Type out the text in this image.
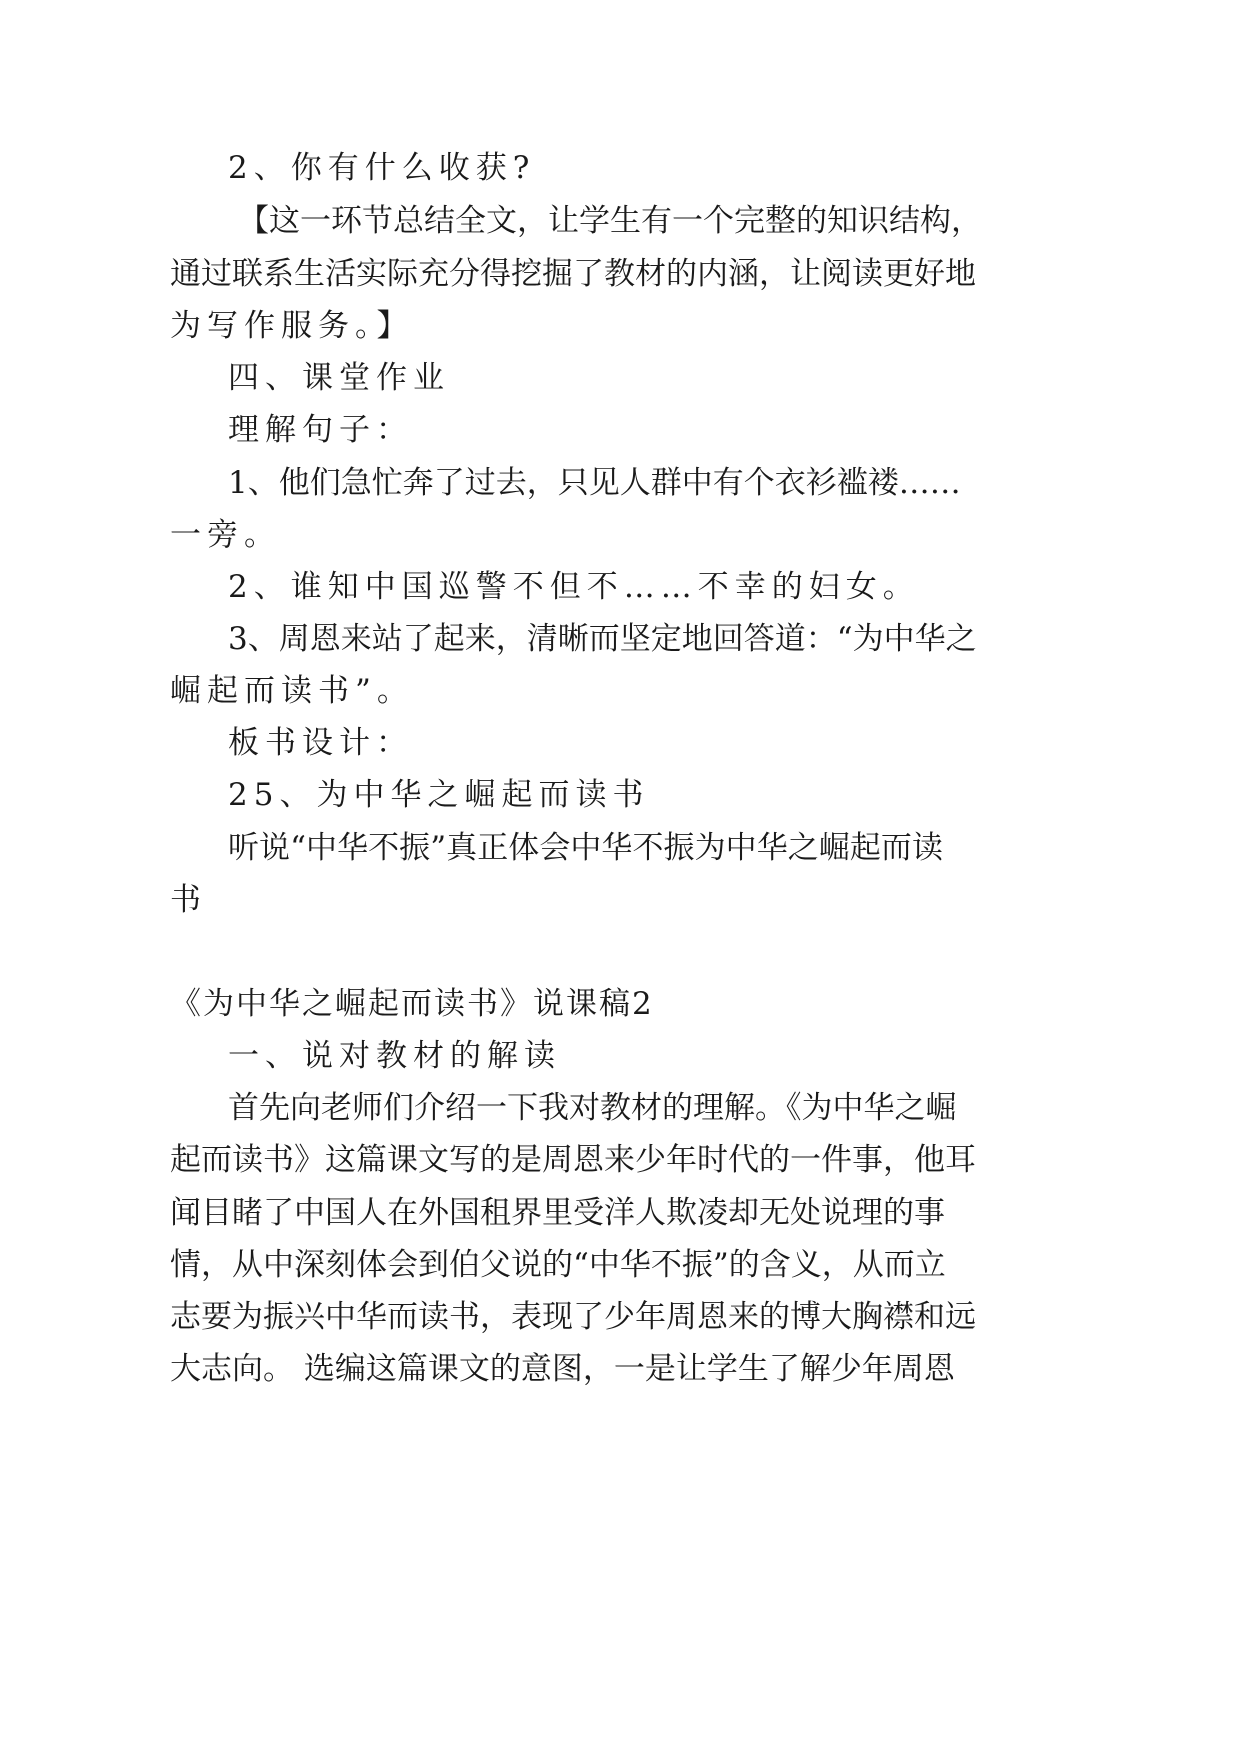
2、你有什么收获?
【这一环节总结全文，让学生有一个完整的知识结构，
通过联系生活实际充分得挖掘了教材的内涵，让阅读更好地
为写作服务。】
四、课堂作业
理解句子：
1、他们急忙奔了过去，只见人群中有个衣衫褴褛……
一旁。
2、谁知中国巡警不但不……不幸的妇女。
3、周恩来站了起来，清晰而坚定地回答道：“为中华之
崛起而读书”。
板书设计：
25、为中华之崛起而读书
听说“中华不振”真正体会中华不振为中华之崛起而读
书
《为中华之崛起而读书》说课稿2
一、说对教材的解读
首先向老师们介绍一下我对教材的理解。《为中华之崛
起而读书》这篇课文写的是周恩来少年时代的一件事，他耳
闻目睹了中国人在外国租界里受洋人欺凌却无处说理的事
情，从中深刻体会到伯父说的“中华不振”的含义，从而立
志要为振兴中华而读书，表现了少年周恩来的博大胸襟和远
大志向。 选编这篇课文的意图，一是让学生了解少年周恩
